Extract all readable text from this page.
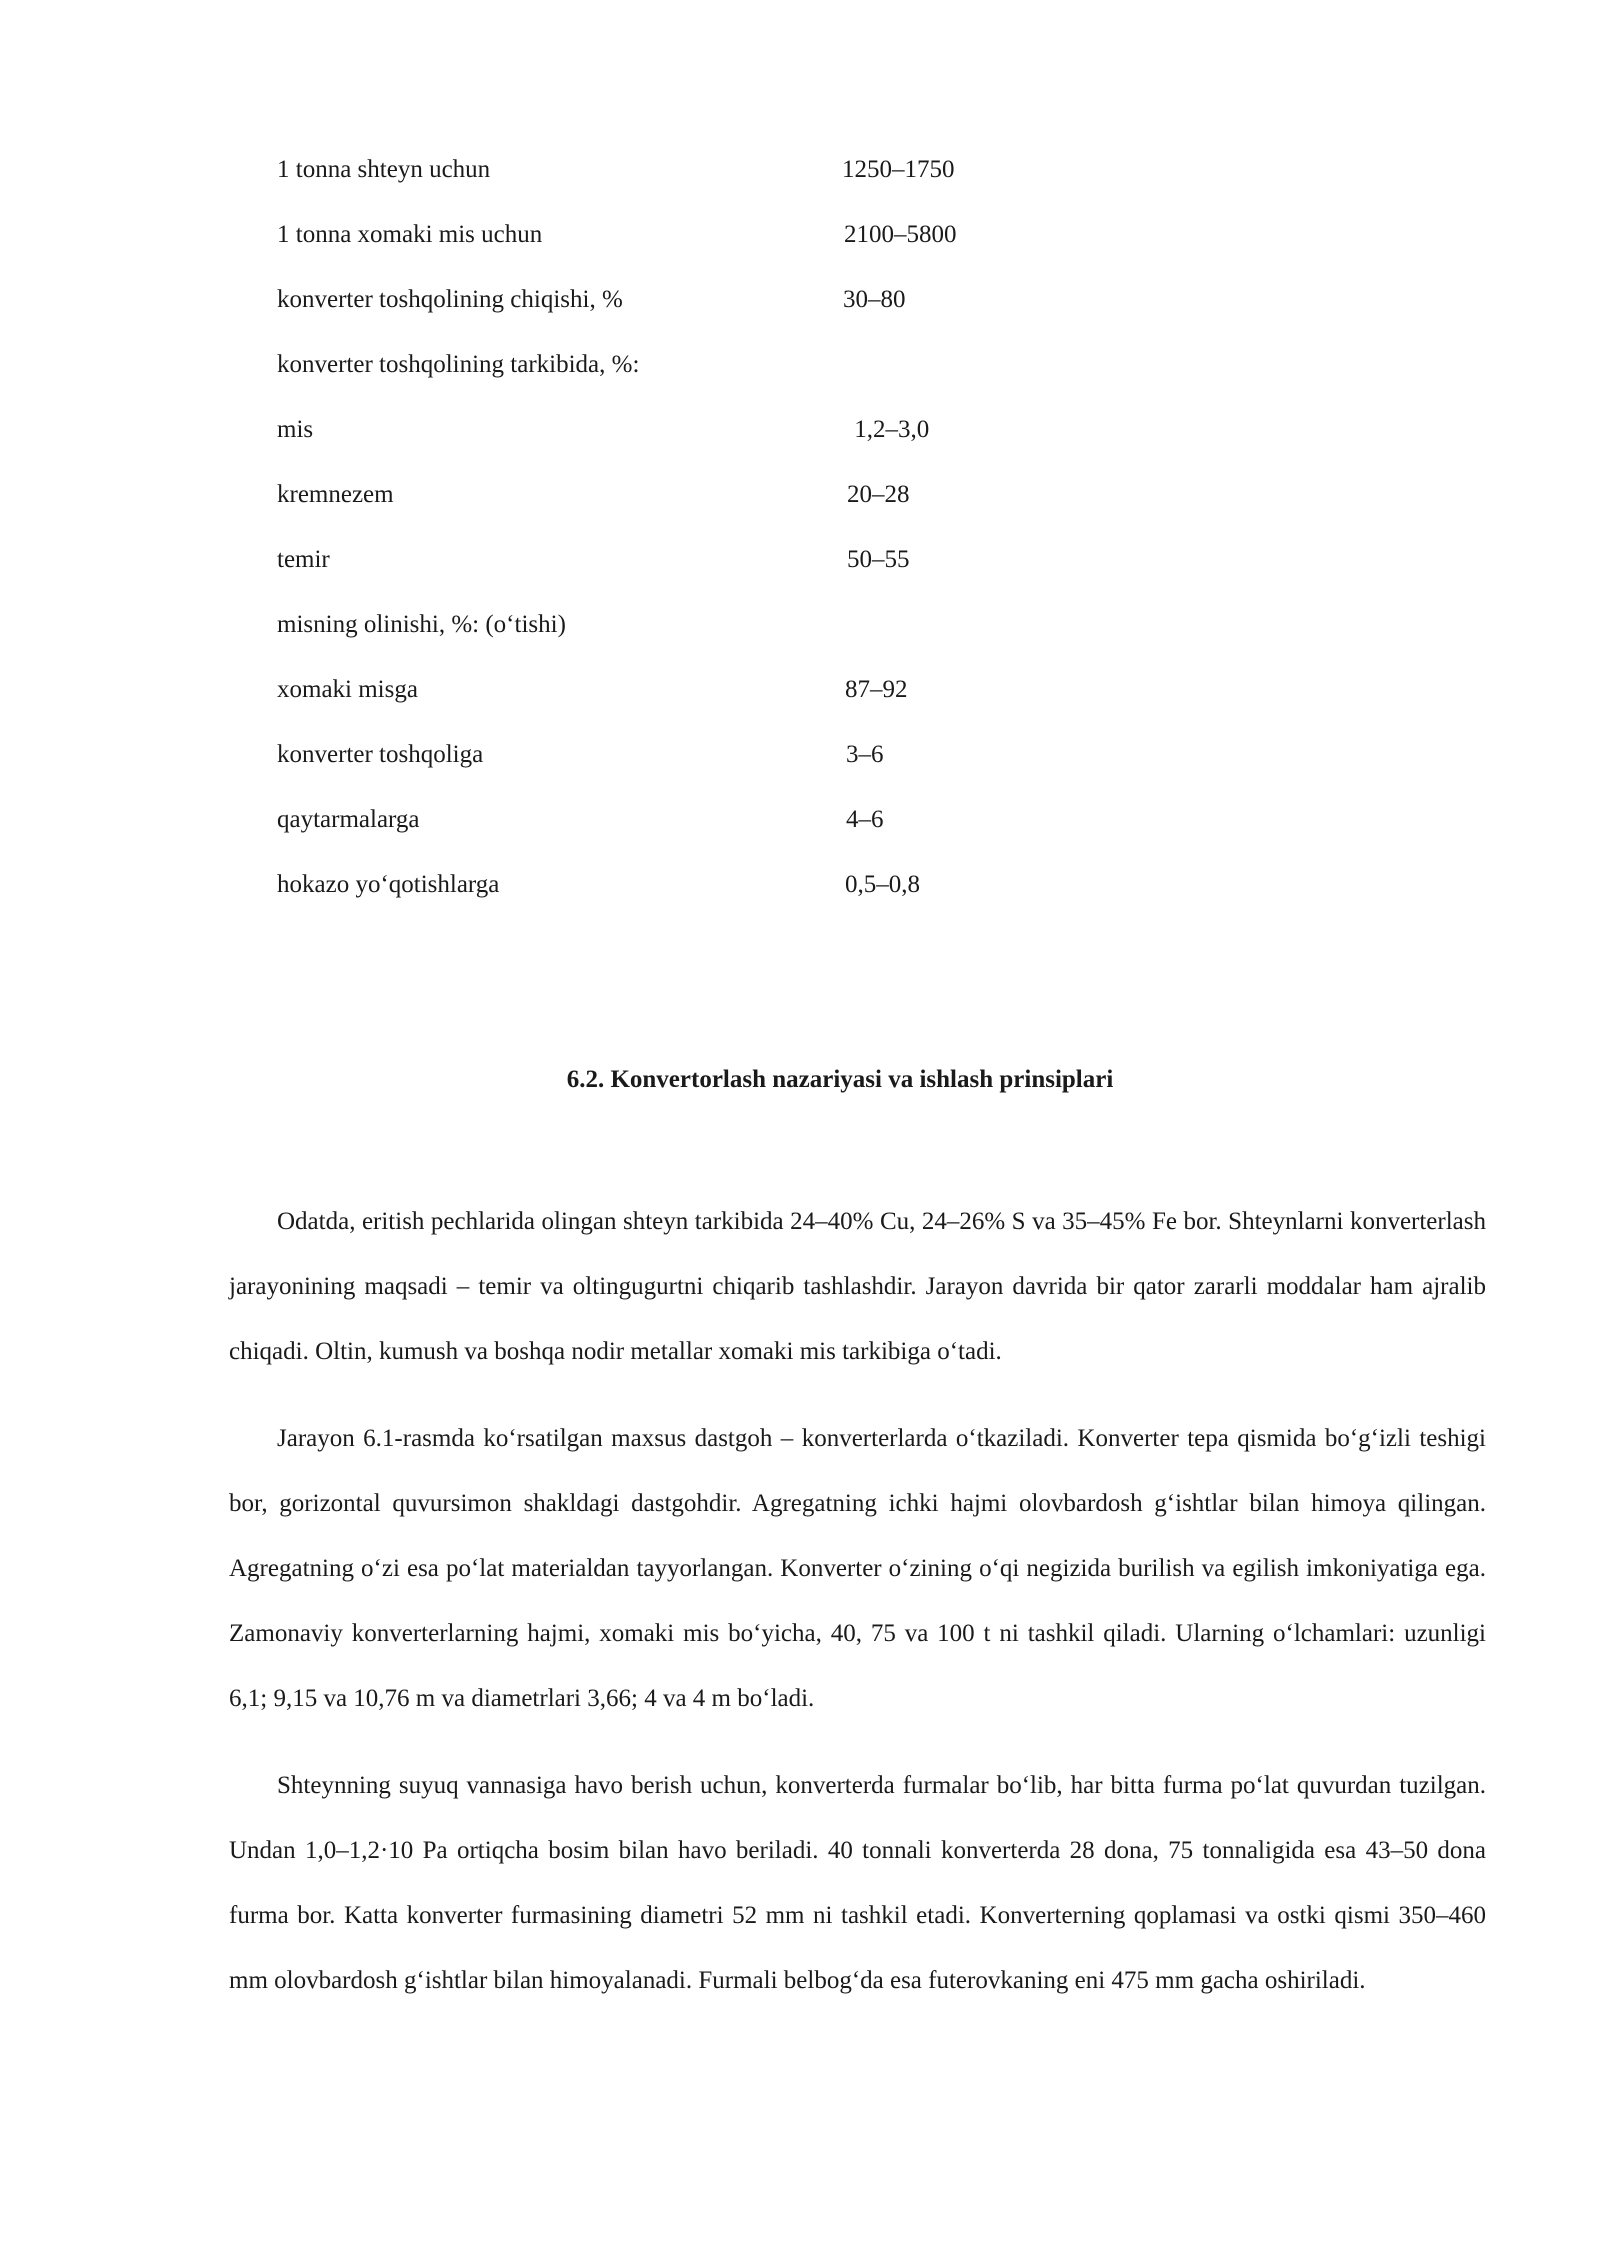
1 tonna shteyn uchun	1250–1750
1 tonna xomaki mis uchun	2100–5800
konverter toshqolining chiqishi, %	30–80
konverter toshqolining tarkibida, %:
mis	1,2–3,0
kremnezem	20–28
temir	50–55
misning olinishi, %: (o‘tishi)
xomaki misga	87–92
konverter toshqoliga	3–6
qaytarmalarga	4–6
hokazo yo‘qotishlarga	0,5–0,8
6.2. Konvertorlash nazariyasi va ishlash prinsiplari

Odatda, eritish pechlarida olingan shteyn tarkibida 24–40% Cu, 24–26% S va 35–45% Fe bor. Shteynlarni konverterlash jarayonining maqsadi – temir va oltingugurtni chiqarib tashlashdir. Jarayon davrida bir qator zararli moddalar ham ajralib chiqadi. Oltin, kumush va boshqa nodir metallar xomaki mis tarkibiga o‘tadi.

Jarayon 6.1-rasmda ko‘rsatilgan maxsus dastgoh – konverterlarda o‘tkaziladi. Konverter tepa qismida bo‘g‘izli teshigi bor, gorizontal quvursimon shakldagi dastgohdir. Agregatning ichki hajmi olovbardosh g‘ishtlar bilan himoya qilingan. Agregatning o‘zi esa po‘lat materialdan tayyorlangan. Konverter o‘zining o‘qi negizida burilish va egilish imkoniyatiga ega. Zamonaviy konverterlarning hajmi, xomaki mis bo‘yicha, 40, 75 va 100 t ni tashkil qiladi. Ularning o‘lchamlari: uzunligi 6,1; 9,15 va 10,76 m va diametrlari 3,66; 4 va 4 m bo‘ladi.

Shteynning suyuq vannasiga havo berish uchun, konverterda furmalar bo‘lib, har bitta furma po‘lat quvurdan tuzilgan. Undan 1,0–1,2·10 Pa ortiqcha bosim bilan havo beriladi. 40 tonnali konverterda 28 dona, 75 tonnaligida esa 43–50 dona furma bor. Katta konverter furmasining diametri 52 mm ni tashkil etadi. Konverterning qoplamasi va ostki qismi 350–460 mm olovbardosh g‘ishtlar bilan himoyalanadi. Furmali belbog‘da esa futerovkaning eni 475 mm gacha oshiriladi.
